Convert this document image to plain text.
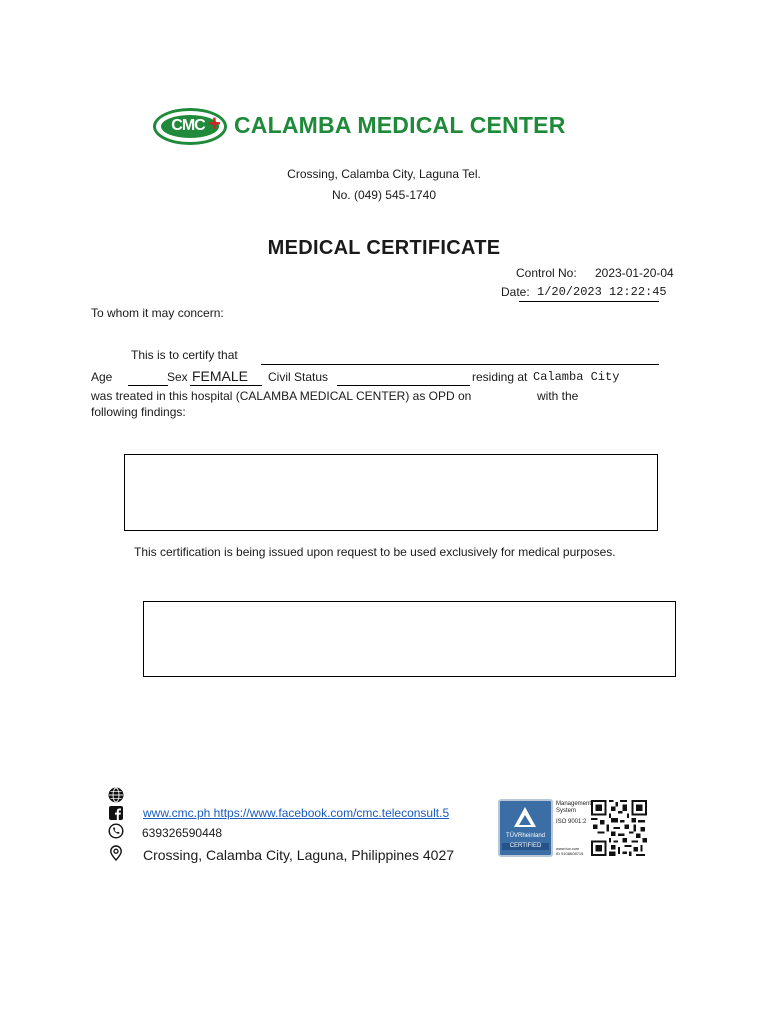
CMC + CALAMBA MEDICAL CENTER
Crossing, Calamba City, Laguna Tel.
No. (049) 545-1740
MEDICAL CERTIFICATE
Control No: 2023-01-20-04
Date: 1/20/2023 12:22:45
To whom it may concern:
This is to certify that
Age	Sex FEMALE Civil Status	residing at Calamba City
was treated in this hospital (CALAMBA MEDICAL CENTER) as OPD on	with the
following findings:
This certification is being issued upon request to be used exclusively for medical purposes.
www.cmc.ph https://www.facebook.com/cmc.teleconsult.5
639326590448
Crossing, Calamba City, Laguna, Philippines 4027
TÜVRheinland
CERTIFIED
Management
System
ISO 9001:2
www.tuv.com
ID 9108608715
